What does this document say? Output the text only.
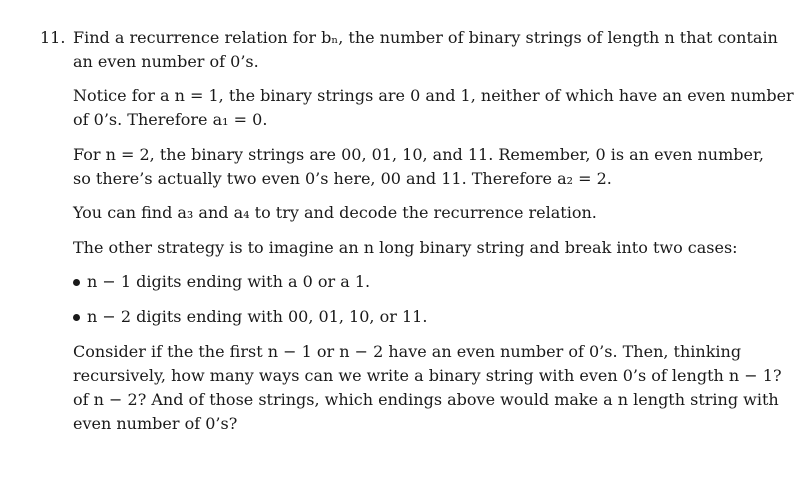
11. Find a recurrence relation for bₙ, the number of binary strings of length n that contain
an even number of 0’s.
Notice for a n = 1, the binary strings are 0 and 1, neither of which have an even number
of 0’s. Therefore a₁ = 0.
For n = 2, the binary strings are 00, 01, 10, and 11. Remember, 0 is an even number,
so there’s actually two even 0’s here, 00 and 11. Therefore a₂ = 2.
You can find a₃ and a₄ to try and decode the recurrence relation.
The other strategy is to imagine an n long binary string and break into two cases:
n − 1 digits ending with a 0 or a 1.
n − 2 digits ending with 00, 01, 10, or 11.
Consider if the the first n − 1 or n − 2 have an even number of 0’s. Then, thinking
recursively, how many ways can we write a binary string with even 0’s of length n − 1?
of n − 2? And of those strings, which endings above would make a n length string with
even number of 0’s?
